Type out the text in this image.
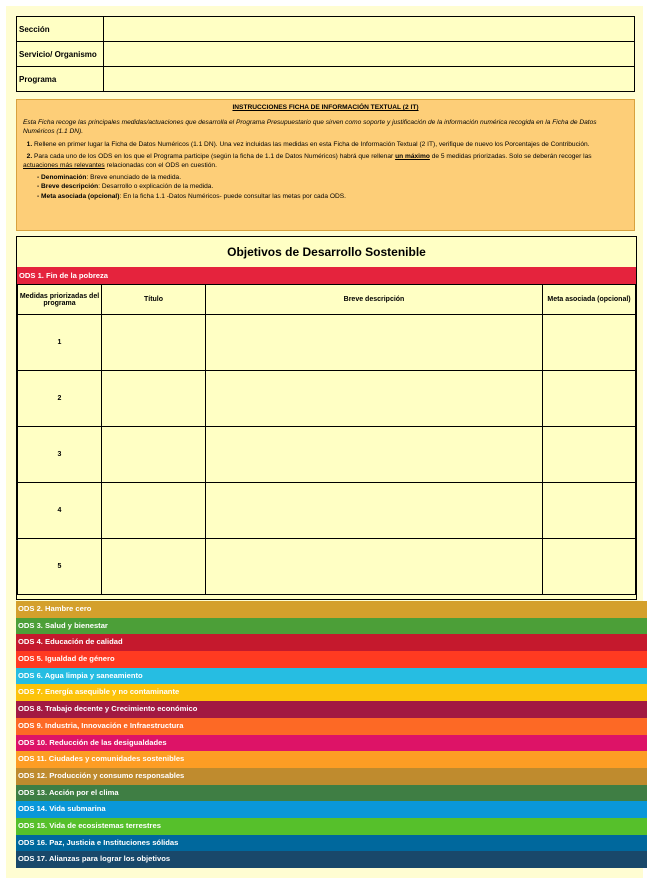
Sección	
Servicio/ Organismo	
Programa	
INSTRUCCIONES FICHA DE INFORMACIÓN TEXTUAL (2 IT)
Esta Ficha recoge las principales medidas/actuaciones que desarrolla el Programa Presupuestario que sirven como soporte y justificación de la información numérica recogida en la Ficha de Datos Numéricos (1.1 DN).
1. Rellene en primer lugar la Ficha de Datos Numéricos (1.1 DN). Una vez incluidas las medidas en esta Ficha de Información Textual (2 IT), verifique de nuevo los Porcentajes de Contribución.
2. Para cada uno de los ODS en los que el Programa participe (según la ficha de 1.1 de Datos Numéricos) habrá que rellenar un máximo de 5 medidas priorizadas. Solo se deberán recoger las actuaciones más relevantes relacionadas con el ODS en cuestión.
- Denominación: Breve enunciado de la medida.
- Breve descripción: Desarrollo o explicación de la medida.
- Meta asociada (opcional): En la ficha 1.1 -Datos Numéricos- puede consultar las metas por cada ODS.
Objetivos de Desarrollo Sostenible
ODS 1. Fin de la pobreza
Medidas priorizadas del programa	Título	Breve descripción	Meta asociada (opcional)
1			
2			
3			
4			
5			
ODS 2. Hambre cero
ODS 3. Salud y bienestar
ODS 4. Educación de calidad
ODS 5. Igualdad de género
ODS 6. Agua limpia y saneamiento
ODS 7. Energía asequible y no contaminante
ODS 8. Trabajo decente y Crecimiento económico
ODS 9. Industria, Innovación e Infraestructura
ODS 10. Reducción de las desigualdades
ODS 11. Ciudades y comunidades sostenibles
ODS 12. Producción y consumo responsables
ODS 13. Acción por el clima
ODS 14. Vida submarina
ODS 15. Vida de ecosistemas terrestres
ODS 16. Paz, Justicia e Instituciones sólidas
ODS 17. Alianzas para lograr los objetivos
